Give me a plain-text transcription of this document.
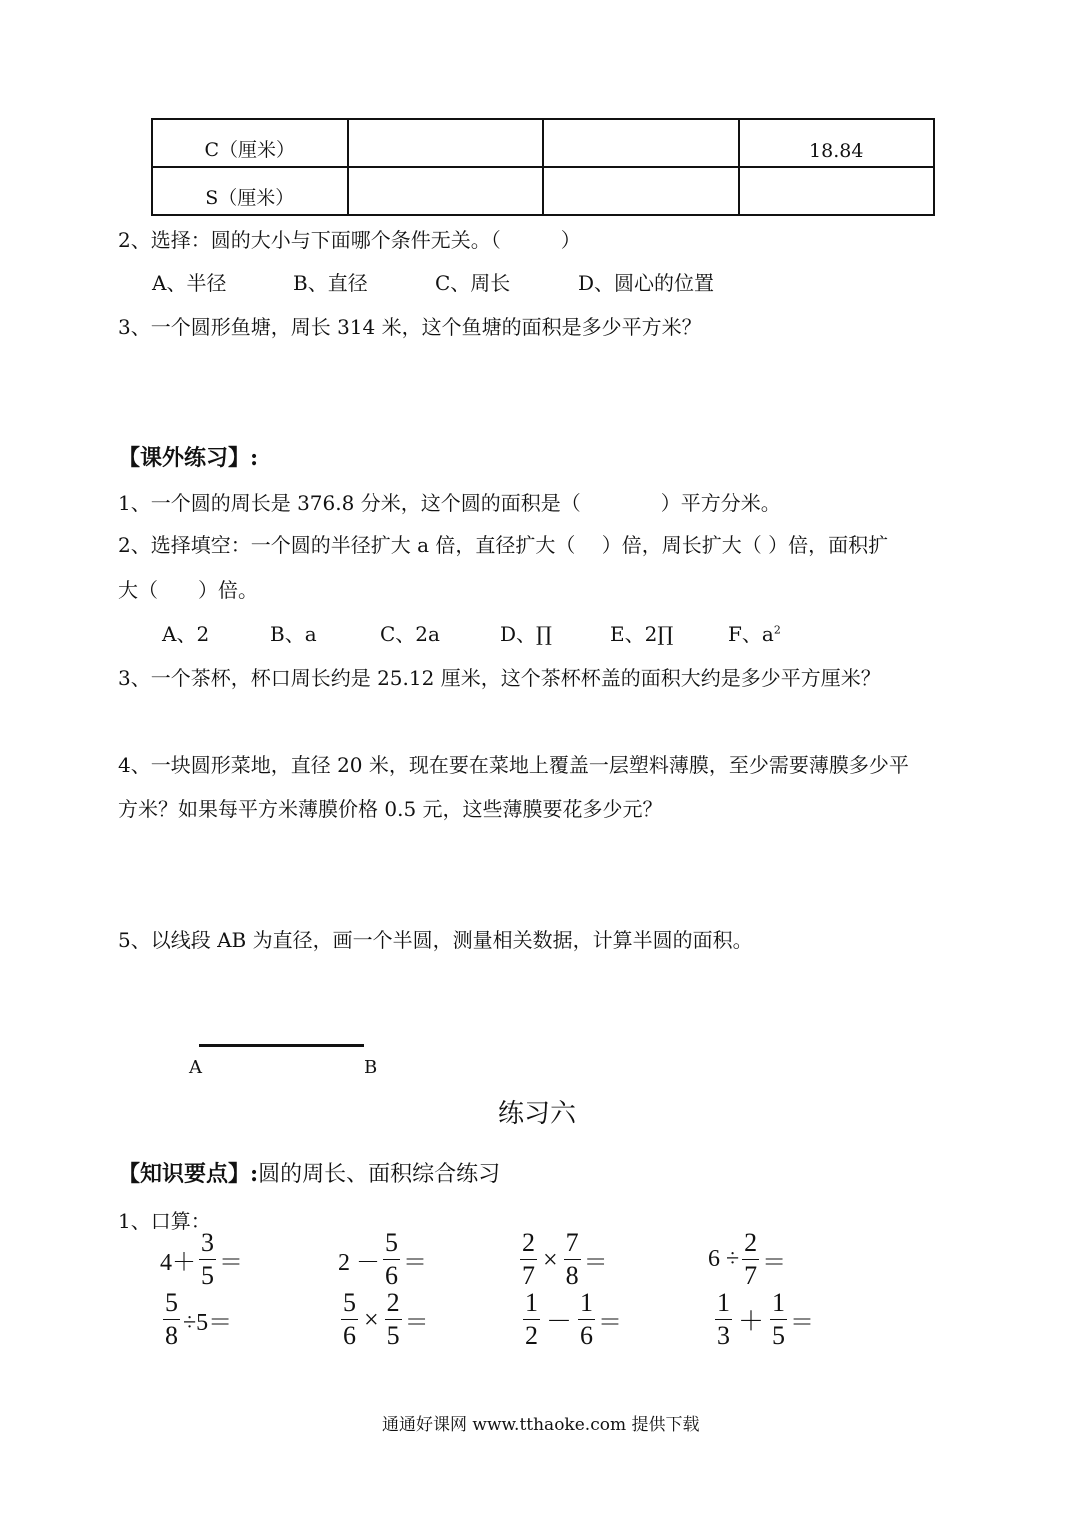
C（厘米）			18.84
S（厘米）			
2、选择：圆的大小与下面哪个条件无关。（　　　）
A、半径	B、直径	C、周长	D、圆心的位置
3、一个圆形鱼塘，周长 314 米，这个鱼塘的面积是多少平方米？
【课外练习】:
1、一个圆的周长是 376.8 分米，这个圆的面积是（　　　　）平方分米。
2、选择填空：一个圆的半径扩大 a 倍，直径扩大（　 ）倍，周长扩大（ ）倍，面积扩
大（　　）倍。
A、2	B、a	C、2a	D、∏	E、2∏	F、$a^2$
3、一个茶杯，杯口周长约是 25.12 厘米，这个茶杯杯盖的面积大约是多少平方厘米？
4、一块圆形菜地，直径 20 米，现在要在菜地上覆盖一层塑料薄膜，至少需要薄膜多少平
方米？如果每平方米薄膜价格 0.5 元，这些薄膜要花多少元？
5、以线段 AB 为直径，画一个半圆，测量相关数据，计算半圆的面积。
A	B
练习六
【知识要点】:圆的周长、面积综合练习
1、口算：
$4+ \frac{3}{5}$ ＝	$2 - \frac{5}{6}$ ＝	$\frac{2}{7} \times \frac{7}{8}$ ＝	$6 \div \frac{2}{7}$ ＝
$\frac{5}{8} \div 5=$	$\frac{5}{6} \times \frac{2}{5}$ ＝	$\frac{1}{2} - \frac{1}{6}$ ＝	$\frac{1}{3} + \frac{1}{5}$ ＝
通通好课网 www.tthaoke.com 提供下载
